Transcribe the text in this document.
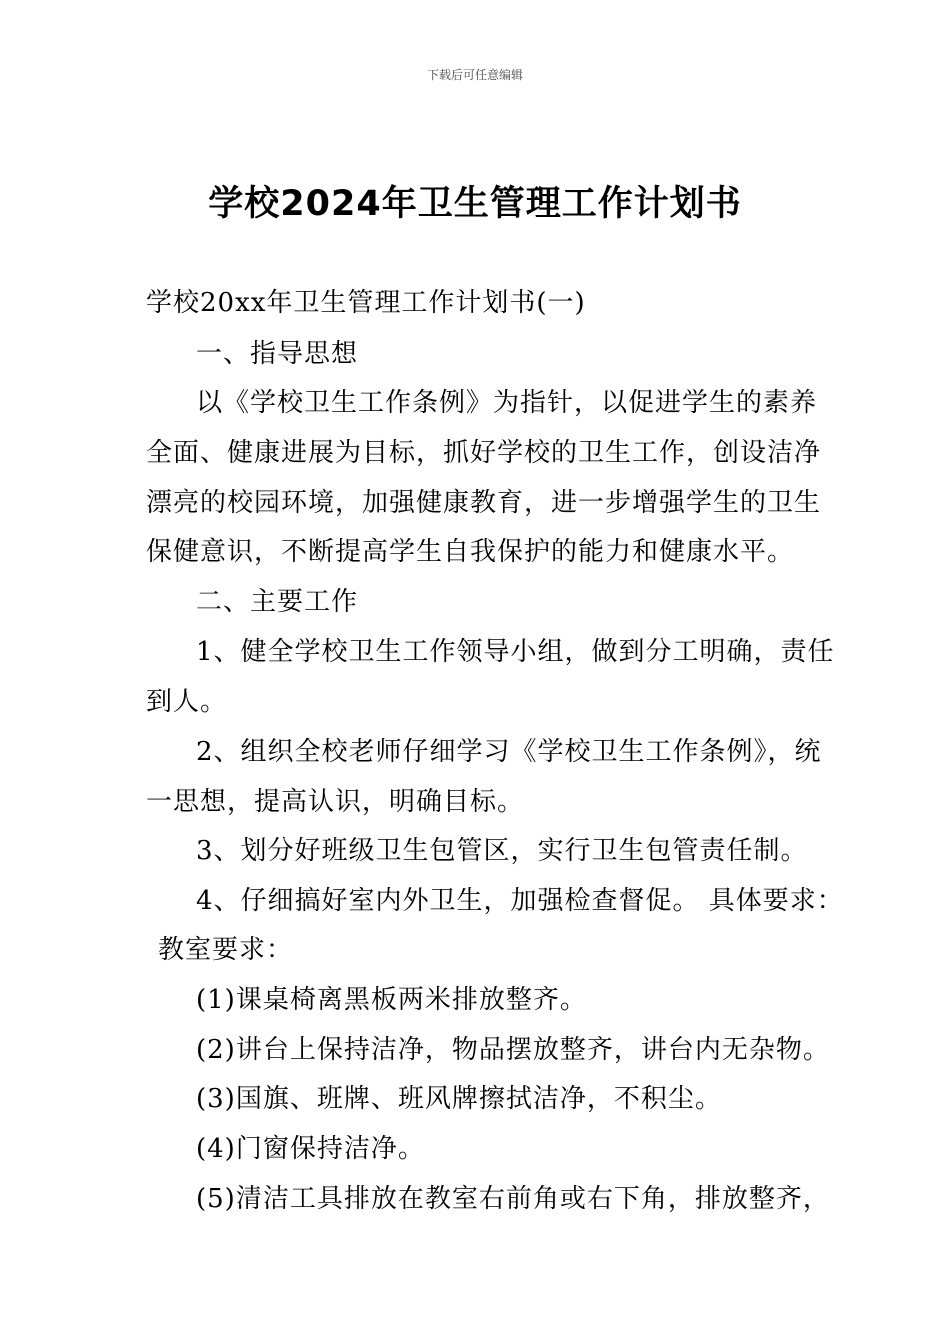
下载后可任意编辑
学校2024年卫生管理工作计划书
学校20xx年卫生管理工作计划书(一)
一、指导思想
以《学校卫生工作条例》为指针，以促进学生的素养
全面、健康进展为目标，抓好学校的卫生工作，创设洁净
漂亮的校园环境，加强健康教育，进一步增强学生的卫生
保健意识，不断提高学生自我保护的能力和健康水平。
二、主要工作
1、健全学校卫生工作领导小组，做到分工明确，责任
到人。
2、组织全校老师仔细学习《学校卫生工作条例》，统
一思想，提高认识，明确目标。
3、划分好班级卫生包管区，实行卫生包管责任制。
4、仔细搞好室内外卫生，加强检查督促。 具体要求：
教室要求：
(1)课桌椅离黑板两米排放整齐。
(2)讲台上保持洁净，物品摆放整齐，讲台内无杂物。
(3)国旗、班牌、班风牌擦拭洁净，不积尘。
(4)门窗保持洁净。
(5)清洁工具排放在教室右前角或右下角，排放整齐，
